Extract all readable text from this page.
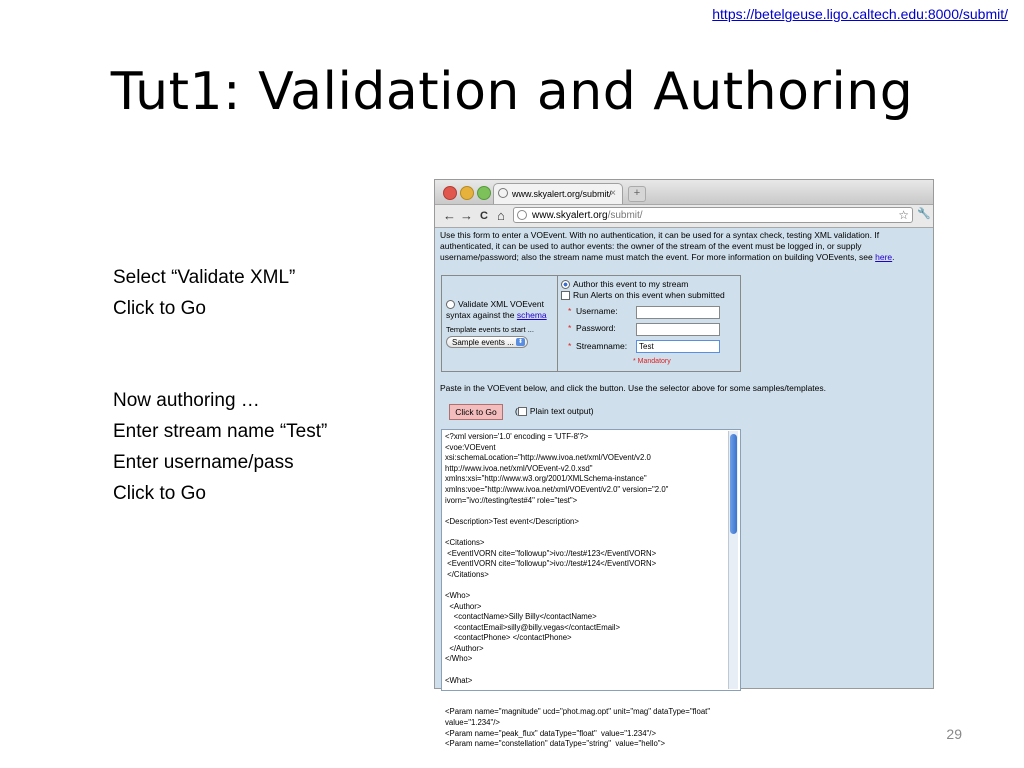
https://betelgeuse.ligo.caltech.edu:8000/submit/
Tut1: Validation and Authoring
Select “Validate XML”
Click to Go
Now authoring …
Enter stream name “Test”
Enter username/pass
Click to Go
www.skyalert.org/submit/
×	+
← → C ⌂	www.skyalert.org/submit/	☆ 🔧
Use this form to enter a VOEvent. With no authentication, it can be used for a syntax check, testing XML validation. If authenticated, it can be used to author events: the owner of the stream of the event must be logged in, or supply username/password; also the stream name must match the event. For more information on building VOEvents, see here.
Validate XML VOEvent
syntax against the schema
Template events to start ...
Sample events ... ⬍
Author this event to my stream
Run Alerts on this event when submitted
* Username:
* Password:
* Streamname:	Test
* Mandatory
Paste in the VOEvent below, and click the button. Use the selector above for some samples/templates.
Click to Go	( Plain text output)
<?xml version='1.0' encoding = 'UTF-8'?>
<voe:VOEvent
xsi:schemaLocation="http://www.ivoa.net/xml/VOEvent/v2.0
http://www.ivoa.net/xml/VOEvent-v2.0.xsd"
xmlns:xsi="http://www.w3.org/2001/XMLSchema-instance"
xmlns:voe="http://www.ivoa.net/xml/VOEvent/v2.0" version="2.0"
ivorn="ivo://testing/test#4" role="test">

<Description>Test event</Description>

<Citations>
<EventIVORN cite="followup">ivo://test#123</EventIVORN>
<EventIVORN cite="followup">ivo://test#124</EventIVORN>
</Citations>

<Who>
<Author>
<contactName>Silly Billy</contactName>
<contactEmail>silly@billy.vegas</contactEmail>
<contactPhone> </contactPhone>
</Author>
</Who>

<What>

<Param name="magnitude" ucd="phot.mag.opt" unit="mag" dataType="float"
value="1.234"/>
<Param name="peak_flux" dataType="float"  value="1.234"/>
<Param name="constellation" dataType="string"  value="hello">
29
